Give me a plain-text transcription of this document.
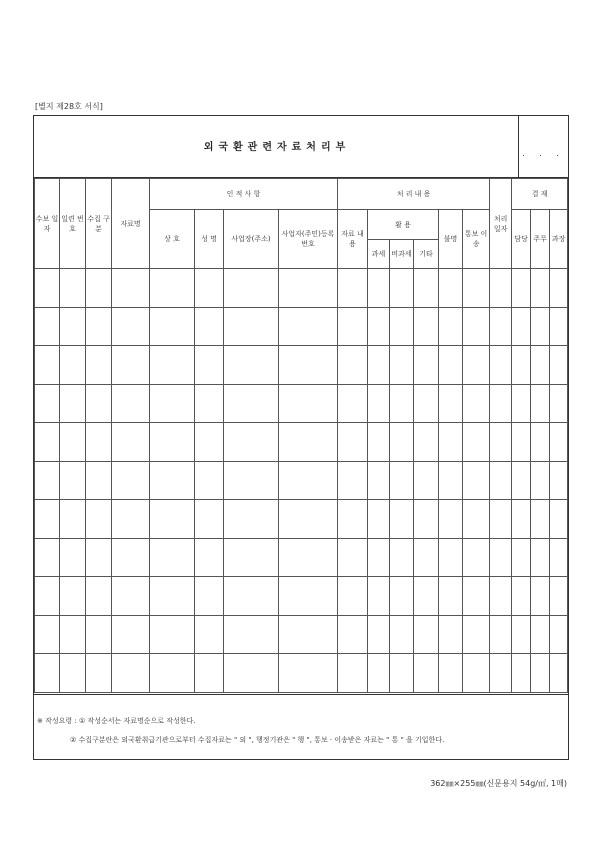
[별지 제28호 서식]
외국환관련자료처리부
. . .
수보 일자	일련 번호	수집 구분	자료명	인 적 사 항				처 리 내 용						처리 일자	결 재		
				상 호	성 명	사업장(주소)	사업자(주민)등록번호	자료 내용	활 용			불명	통보 이송		담당	주무	과장
									과세	비과세	기타						

※ 작성요령 : ① 작성순서는 자료명순으로 작성한다.
② 수집구분란은 외국환취급기관으로부터 수집자료는 " 외 ", 행정기관은 " 행 ", 통보 · 이송받은 자료는 " 통 " 을 기입한다.
362㎜×255㎜(신문용지 54g/㎡, 1매)
